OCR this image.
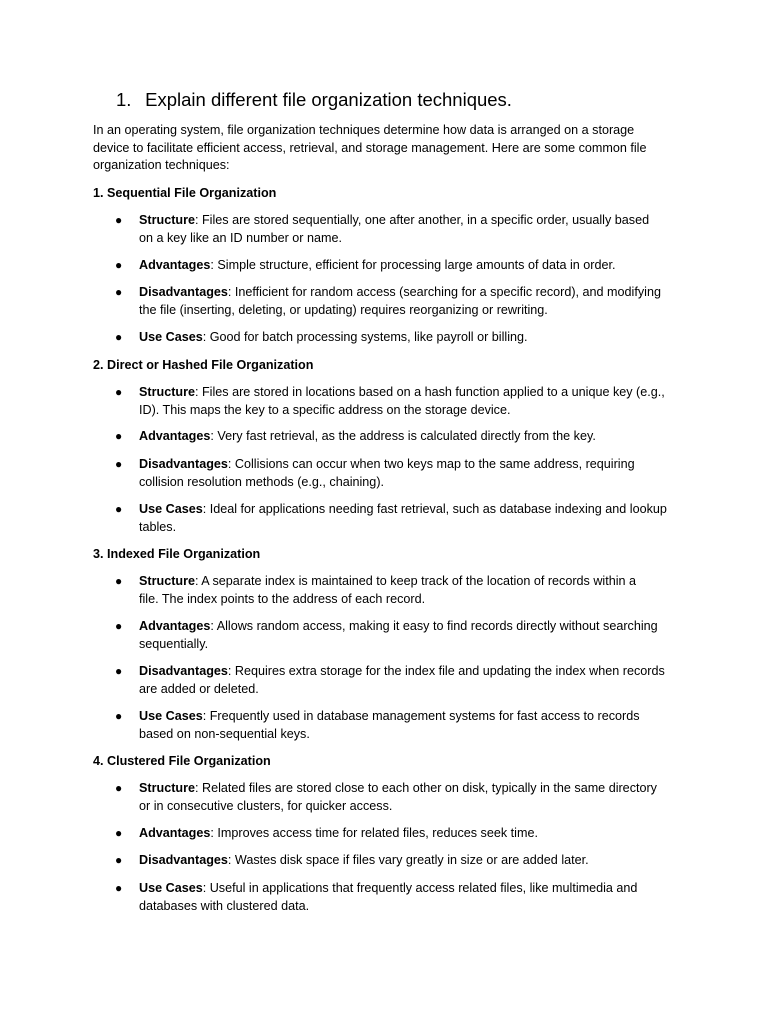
1. Explain different file organization techniques.

In an operating system, file organization techniques determine how data is arranged on a storage
device to facilitate efficient access, retrieval, and storage management. Here are some common file
organization techniques:

1. Sequential File Organization
●	Structure: Files are stored sequentially, one after another, in a specific order, usually based
on a key like an ID number or name.
●	Advantages: Simple structure, efficient for processing large amounts of data in order.
●	Disadvantages: Inefficient for random access (searching for a specific record), and modifying
the file (inserting, deleting, or updating) requires reorganizing or rewriting.
●	Use Cases: Good for batch processing systems, like payroll or billing.
2. Direct or Hashed File Organization
●	Structure: Files are stored in locations based on a hash function applied to a unique key (e.g.,
ID). This maps the key to a specific address on the storage device.
●	Advantages: Very fast retrieval, as the address is calculated directly from the key.
●	Disadvantages: Collisions can occur when two keys map to the same address, requiring
collision resolution methods (e.g., chaining).
●	Use Cases: Ideal for applications needing fast retrieval, such as database indexing and lookup
tables.
3. Indexed File Organization
●	Structure: A separate index is maintained to keep track of the location of records within a
file. The index points to the address of each record.
●	Advantages: Allows random access, making it easy to find records directly without searching
sequentially.
●	Disadvantages: Requires extra storage for the index file and updating the index when records
are added or deleted.
●	Use Cases: Frequently used in database management systems for fast access to records
based on non-sequential keys.
4. Clustered File Organization
●	Structure: Related files are stored close to each other on disk, typically in the same directory
or in consecutive clusters, for quicker access.
●	Advantages: Improves access time for related files, reduces seek time.
●	Disadvantages: Wastes disk space if files vary greatly in size or are added later.
●	Use Cases: Useful in applications that frequently access related files, like multimedia and
databases with clustered data.
